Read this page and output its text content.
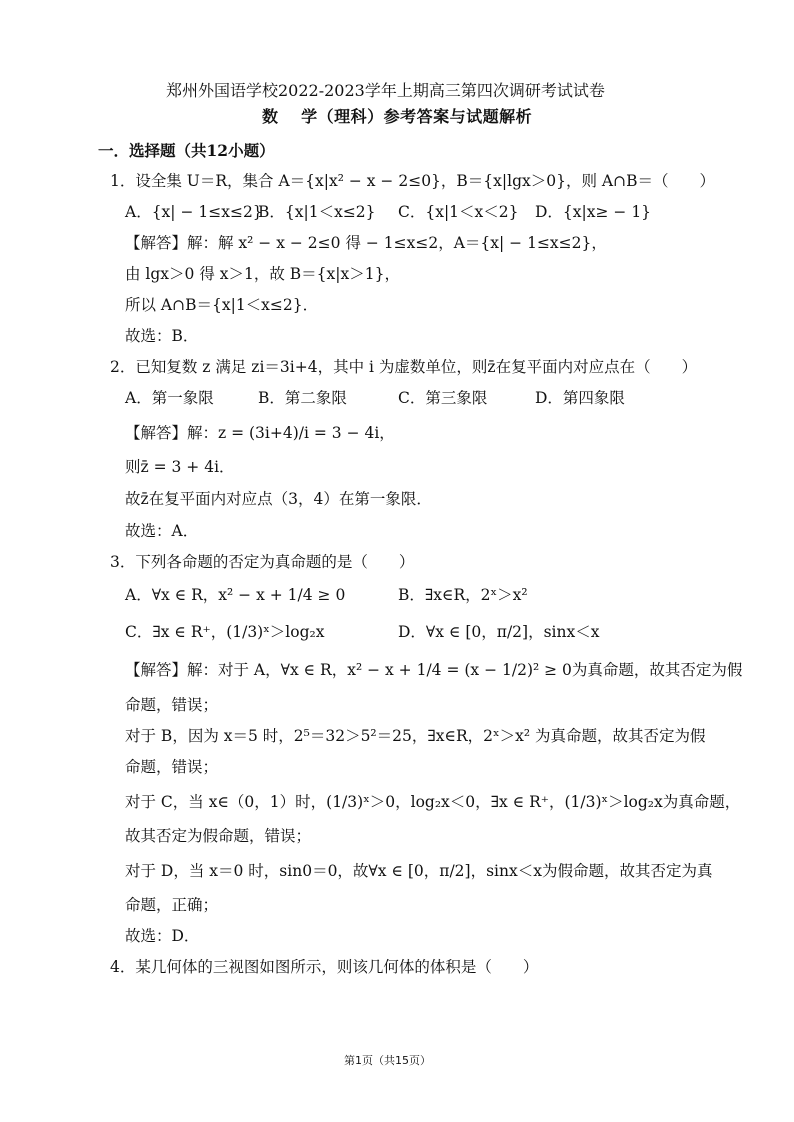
郑州外国语学校2022-2023学年上期高三第四次调研考试试卷
数　 学（理科）参考答案与试题解析
一．选择题（共12小题）
1．设全集 U＝R，集合 A＝{x|x² − x − 2≤0}，B＝{x|lgx＞0}，则 A∩B＝（　　）
A．{x| − 1≤x≤2}
B．{x|1＜x≤2} C．{x|1＜x＜2} D．{x|x≥ − 1}
【解答】解：解 x² − x − 2≤0 得 − 1≤x≤2，A＝{x| − 1≤x≤2}，
由 lgx＞0 得 x＞1，故 B＝{x|x＞1}，
所以 A∩B＝{x|1＜x≤2}．
故选：B．
2．已知复数 z 满足 zi＝3i+4，其中 i 为虚数单位，则z̄在复平面内对应点在（　　）
A．第一象限	B．第二象限	C．第三象限	D．第四象限
【解答】解：z = (3i+4)/i = 3 − 4i，
则z̄ = 3 + 4i．
故z̄在复平面内对应点（3，4）在第一象限．
故选：A．
3．下列各命题的否定为真命题的是（　　）
A．∀x ∈ R，x² − x + 1/4 ≥ 0	B．∃x∈R，2ˣ＞x²
C．∃x ∈ R⁺，(1/3)ˣ＞log₂x	D．∀x ∈ [0，π/2]，sinx＜x
【解答】解：对于 A，∀x ∈ R，x² − x + 1/4 = (x − 1/2)² ≥ 0为真命题，故其否定为假
命题，错误；
对于 B，因为 x＝5 时，2⁵＝32＞5²＝25，∃x∈R，2ˣ＞x² 为真命题，故其否定为假
命题，错误；
对于 C，当 x∈（0，1）时，(1/3)ˣ＞0，log₂x＜0，∃x ∈ R⁺，(1/3)ˣ＞log₂x为真命题，
故其否定为假命题，错误；
对于 D，当 x＝0 时，sin0＝0，故∀x ∈ [0，π/2]，sinx＜x为假命题，故其否定为真
命题，正确；
故选：D．
4．某几何体的三视图如图所示，则该几何体的体积是（　　）
第1页（共15页）
